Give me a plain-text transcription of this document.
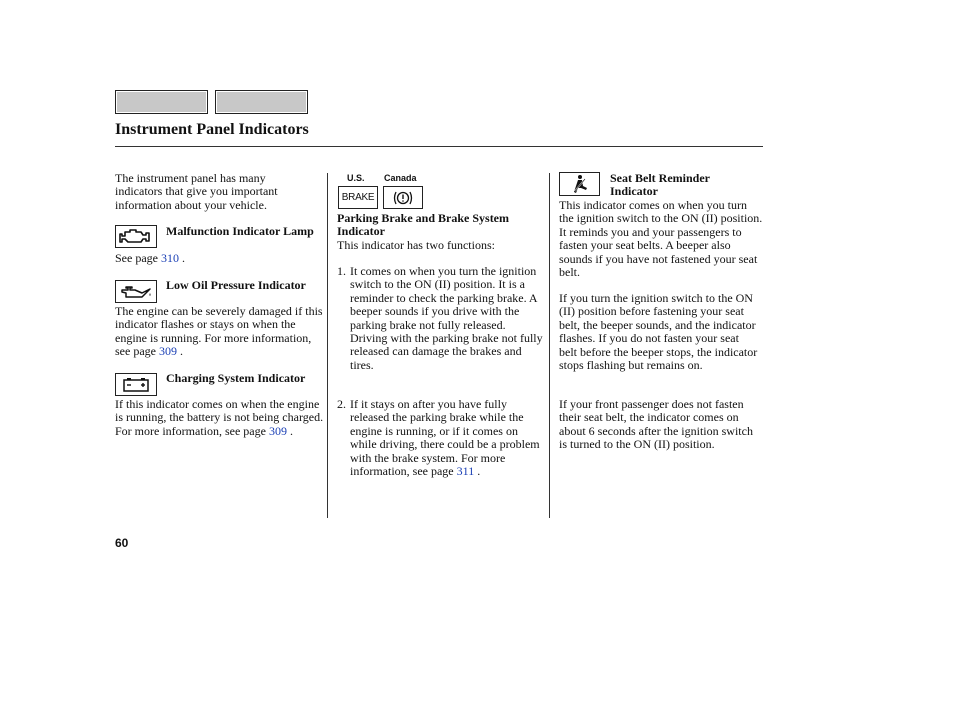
Instrument Panel Indicators
The instrument panel has many indicators that give you important information about your vehicle.
Malfunction Indicator Lamp
See page 310 .
Low Oil Pressure Indicator
The engine can be severely damaged if this indicator flashes or stays on when the engine is running. For more information, see page 309 .
Charging System Indicator
If this indicator comes on when the engine is running, the battery is not being charged. For more information, see page 309 .
U.S. Canada
BRAKE
Parking Brake and Brake System Indicator
This indicator has two functions:
1. It comes on when you turn the ignition switch to the ON (II) position. It is a reminder to check the parking brake. A beeper sounds if you drive with the parking brake not fully released. Driving with the parking brake not fully released can damage the brakes and tires.
2. If it stays on after you have fully released the parking brake while the engine is running, or if it comes on while driving, there could be a problem with the brake system. For more information, see page 311 .
Seat Belt Reminder Indicator
This indicator comes on when you turn the ignition switch to the ON (II) position. It reminds you and your passengers to fasten your seat belts. A beeper also sounds if you have not fastened your seat belt.
If you turn the ignition switch to the ON (II) position before fastening your seat belt, the beeper sounds, and the indicator flashes. If you do not fasten your seat belt before the beeper stops, the indicator stops flashing but remains on.
If your front passenger does not fasten their seat belt, the indicator comes on about 6 seconds after the ignition switch is turned to the ON (II) position.
60
